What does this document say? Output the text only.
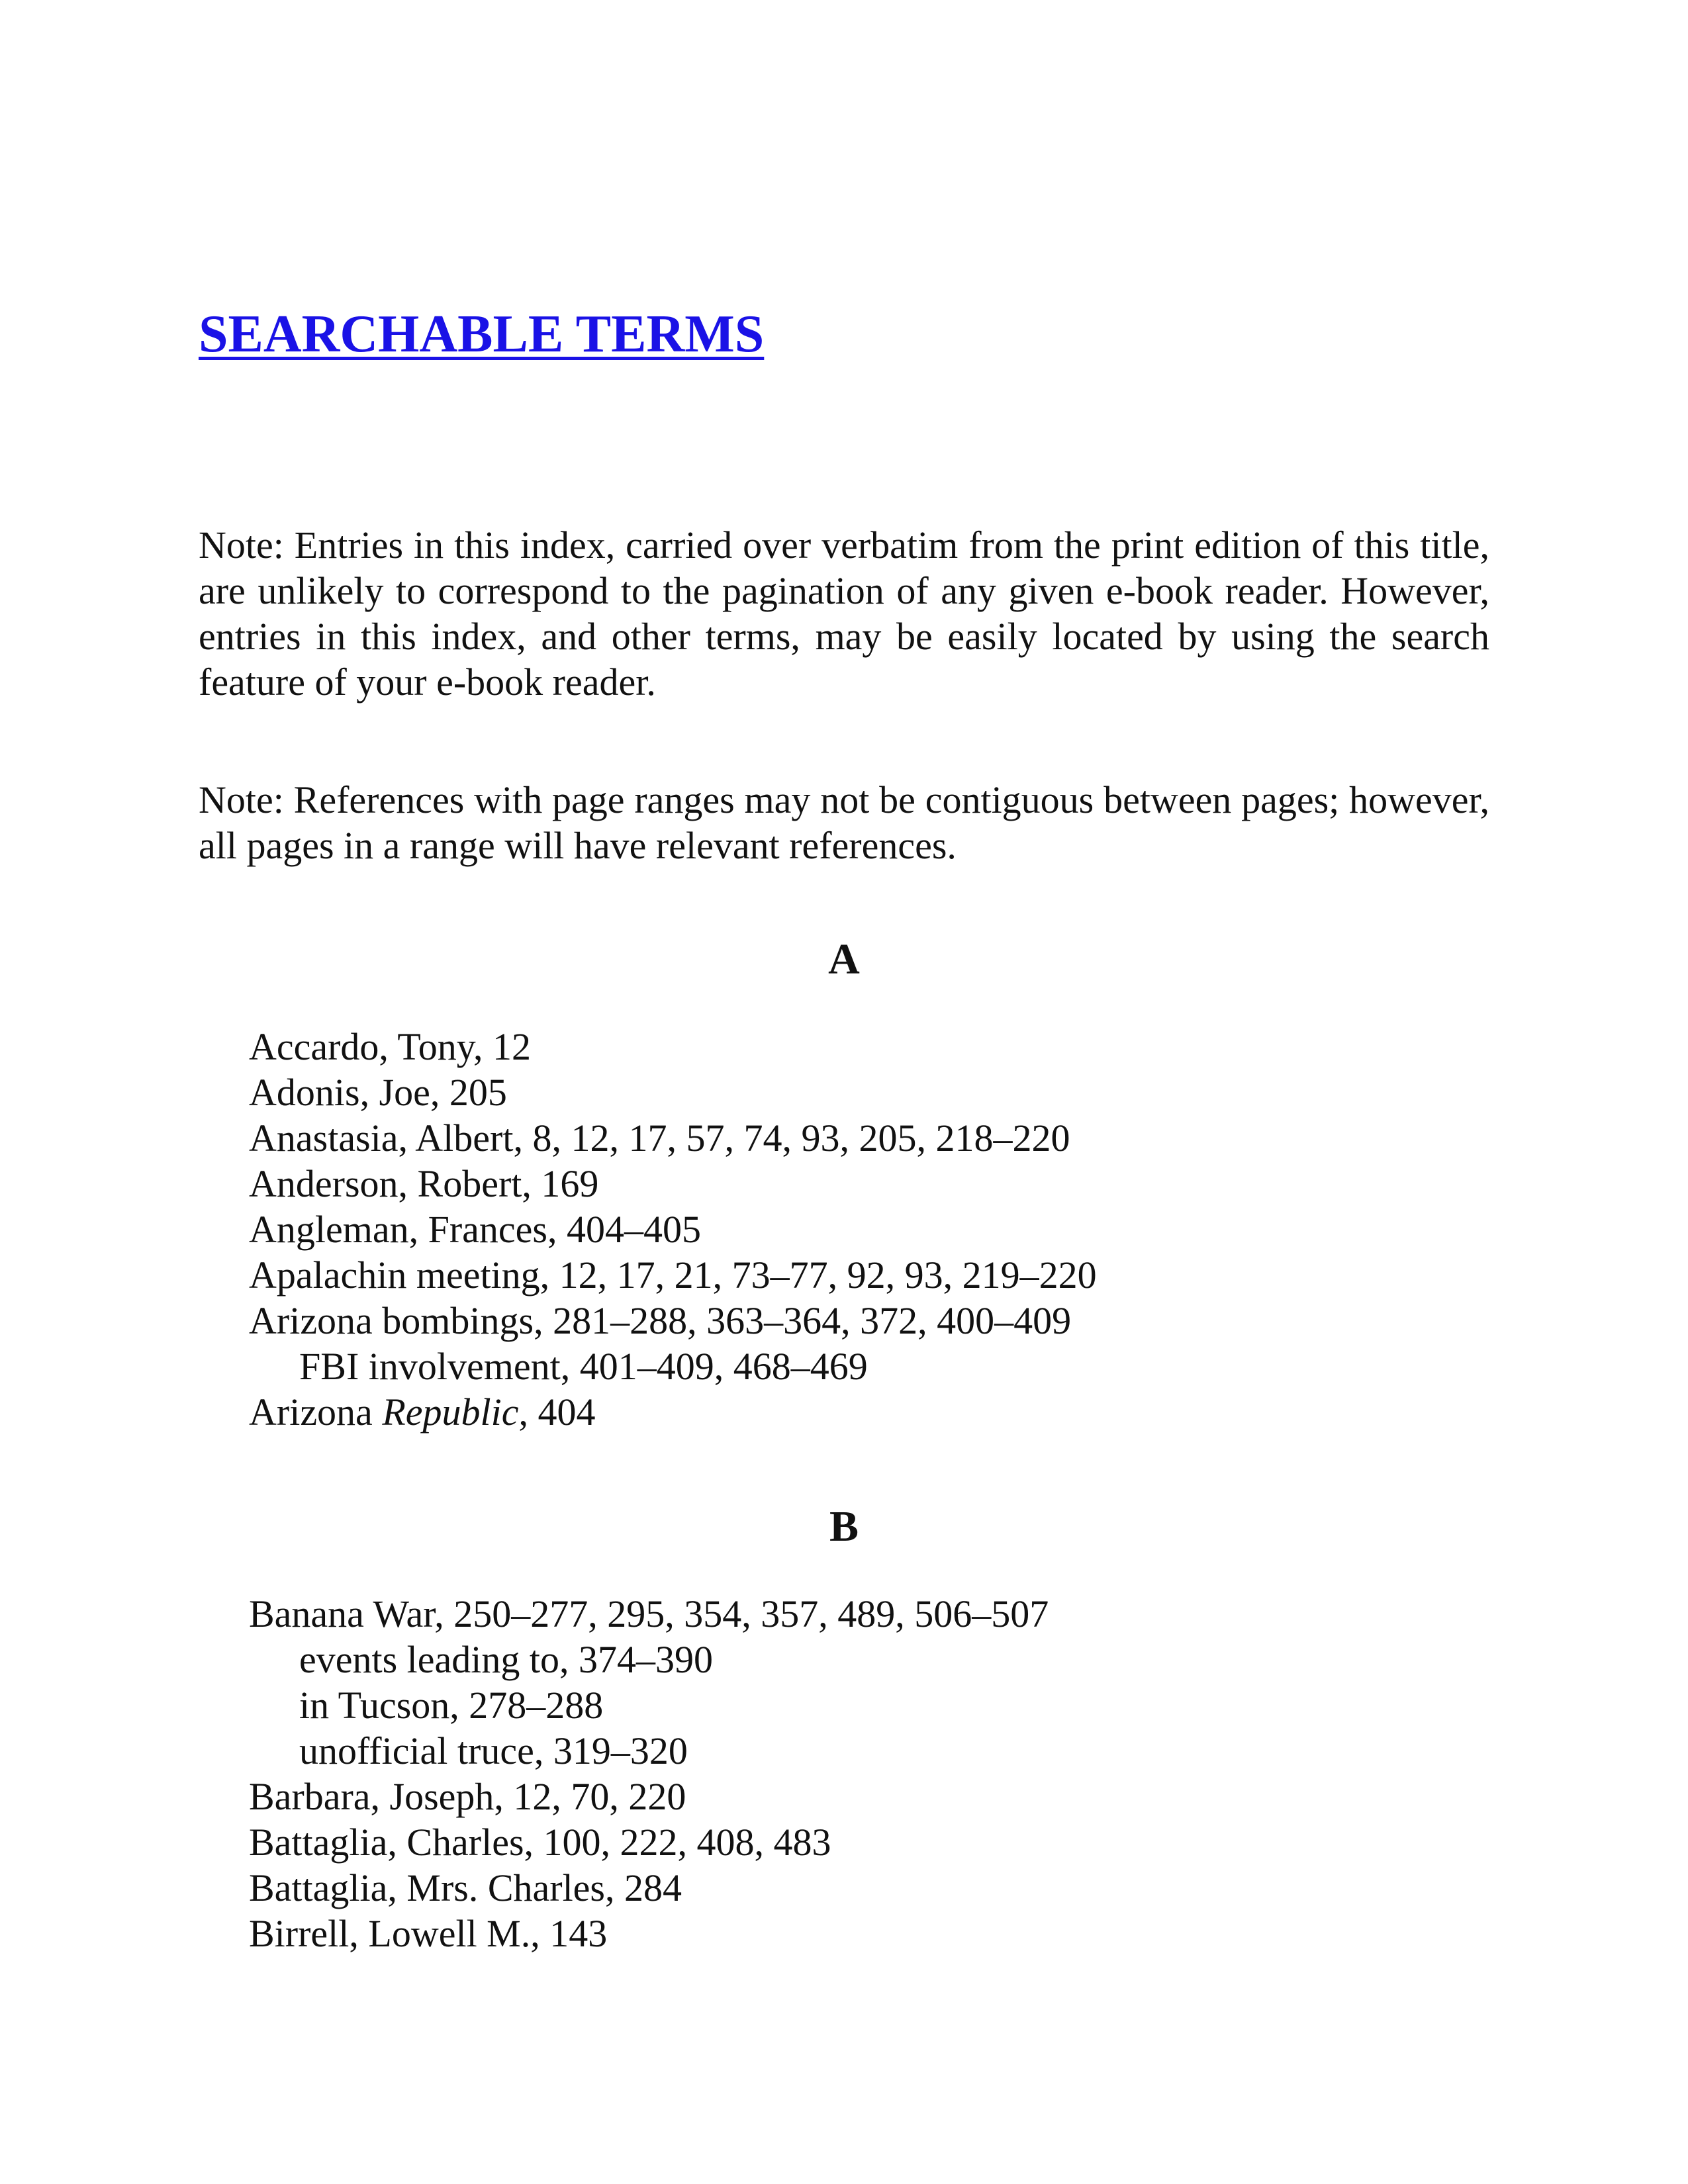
SEARCHABLE TERMS

Note: Entries in this index, carried over verbatim from the print edition of this title, are unlikely to correspond to the pagination of any given e-book reader. However, entries in this index, and other terms, may be easily located by using the search feature of your e-book reader.

Note: References with page ranges may not be contiguous between pages; however, all pages in a range will have relevant references.

A
Accardo, Tony, 12
Adonis, Joe, 205
Anastasia, Albert, 8, 12, 17, 57, 74, 93, 205, 218–220
Anderson, Robert, 169
Angleman, Frances, 404–405
Apalachin meeting, 12, 17, 21, 73–77, 92, 93, 219–220
Arizona bombings, 281–288, 363–364, 372, 400–409
FBI involvement, 401–409, 468–469
Arizona Republic, 404
B
Banana War, 250–277, 295, 354, 357, 489, 506–507
events leading to, 374–390
in Tucson, 278–288
unofficial truce, 319–320
Barbara, Joseph, 12, 70, 220
Battaglia, Charles, 100, 222, 408, 483
Battaglia, Mrs. Charles, 284
Birrell, Lowell M., 143
